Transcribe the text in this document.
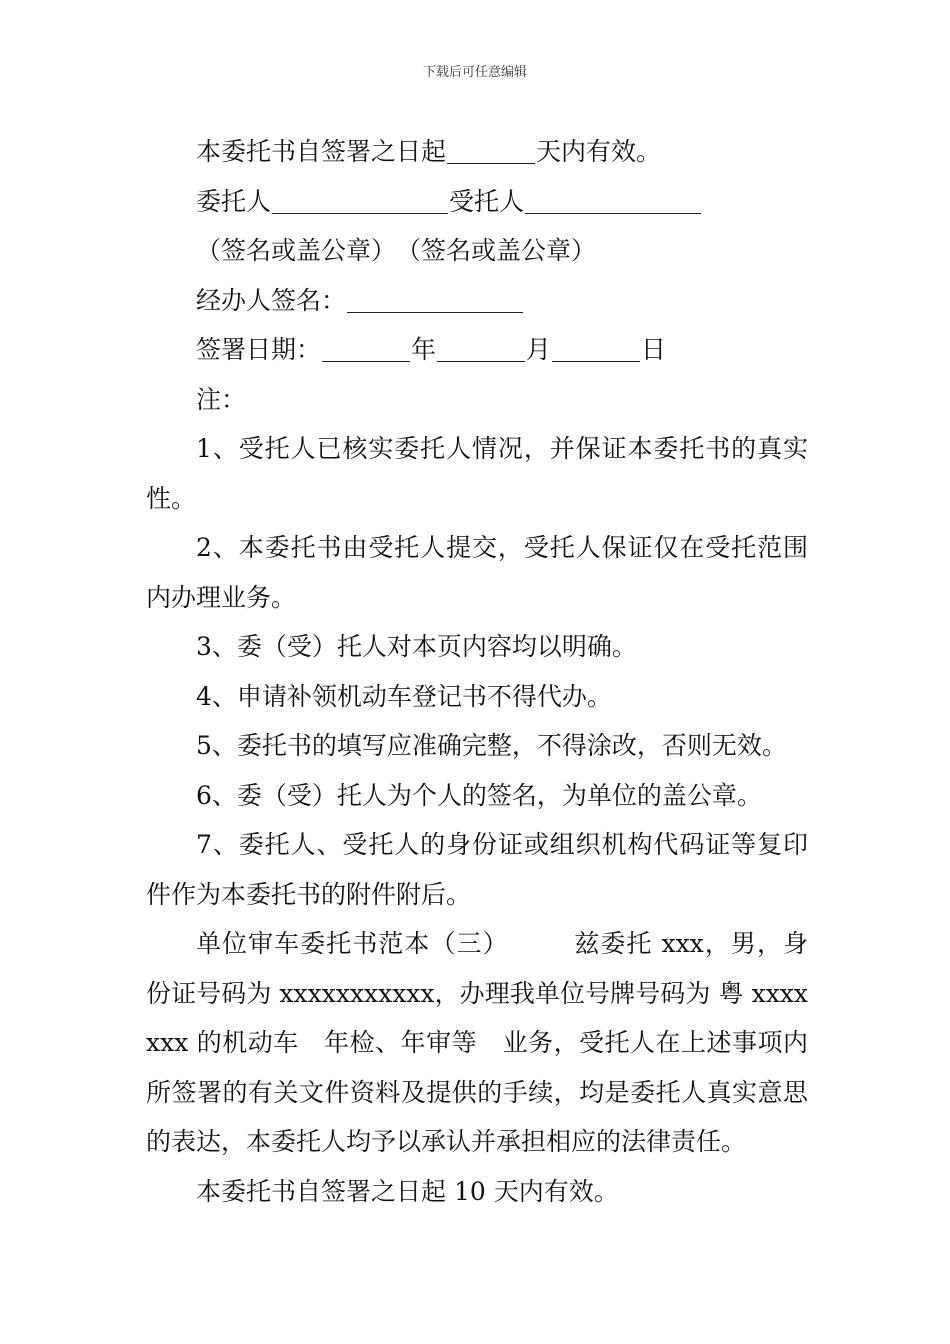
下载后可任意编辑

本委托书自签署之日起	天内有效。

委托人	受托人

（签名或盖公章）　（签名或盖公章）

经办人签名：

签署日期：	年	月	日

注：

1、受托人已核实委托人情况，并保证本委托书的真实性。

2、本委托书由受托人提交，受托人保证仅在受托范围内办理业务。

3、委（受）托人对本页内容均以明确。

4、申请补领机动车登记书不得代办。

5、委托书的填写应准确完整，不得涂改，否则无效。

6、委（受）托人为个人的签名，为单位的盖公章。

7、委托人、受托人的身份证或组织机构代码证等复印件作为本委托书的附件附后。

单位审车委托书范本（三）　　　兹委托 xxx，男，身份证号码为 xxxxxxxxxxx，办理我单位号牌号码为 粤 xxxxxxx 的机动车　年检、年审等　业务，受托人在上述事项内所签署的有关文件资料及提供的手续，均是委托人真实意思的表达，本委托人均予以承认并承担相应的法律责任。

本委托书自签署之日起 10 天内有效。
